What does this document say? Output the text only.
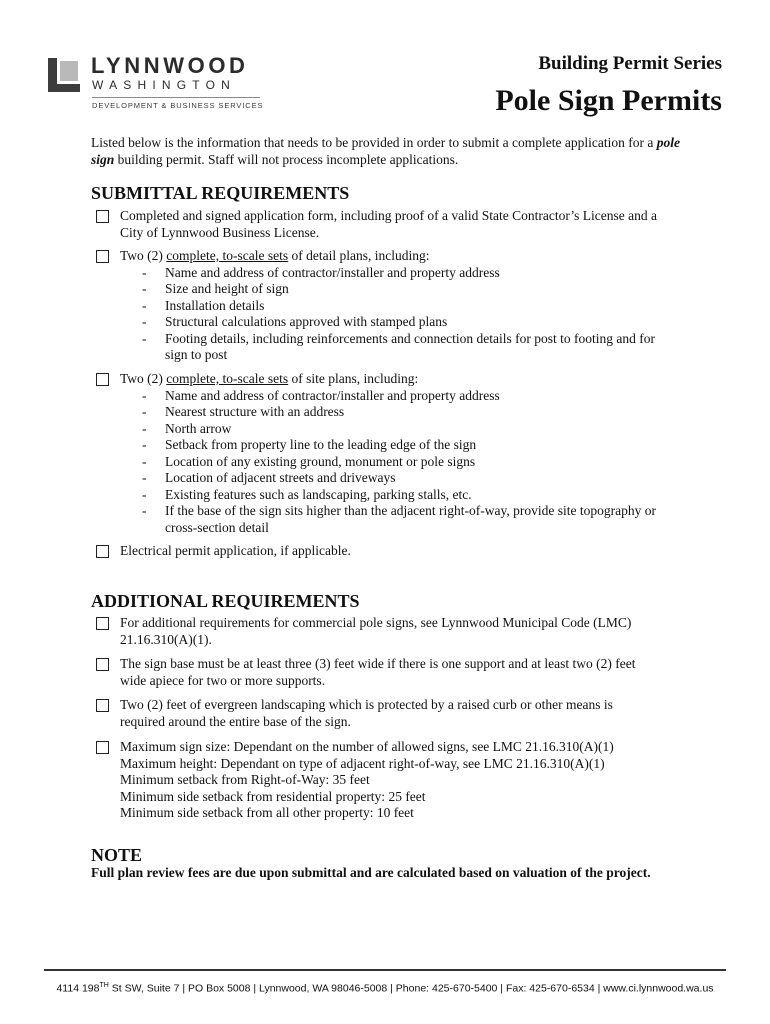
LYNNWOOD
WASHINGTON
DEVELOPMENT & BUSINESS SERVICES
Building Permit Series
Pole Sign Permits

Listed below is the information that needs to be provided in order to submit a complete application for a pole sign building permit. Staff will not process incomplete applications.

SUBMITTAL REQUIREMENTS
Completed and signed application form, including proof of a valid State Contractor’s License and a
City of Lynnwood Business License.
Two (2) complete, to-scale sets of detail plans, including:
- Name and address of contractor/installer and property address
- Size and height of sign
- Installation details
- Structural calculations approved with stamped plans
- Footing details, including reinforcements and connection details for post to footing and for
sign to post
Two (2) complete, to-scale sets of site plans, including:
- Name and address of contractor/installer and property address
- Nearest structure with an address
- North arrow
- Setback from property line to the leading edge of the sign
- Location of any existing ground, monument or pole signs
- Location of adjacent streets and driveways
- Existing features such as landscaping, parking stalls, etc.
- If the base of the sign sits higher than the adjacent right-of-way, provide site topography or
cross-section detail
Electrical permit application, if applicable.
ADDITIONAL REQUIREMENTS
For additional requirements for commercial pole signs, see Lynnwood Municipal Code (LMC)
21.16.310(A)(1).
The sign base must be at least three (3) feet wide if there is one support and at least two (2) feet
wide apiece for two or more supports.
Two (2) feet of evergreen landscaping which is protected by a raised curb or other means is
required around the entire base of the sign.
Maximum sign size: Dependant on the number of allowed signs, see LMC 21.16.310(A)(1)
Maximum height: Dependant on type of adjacent right-of-way, see LMC 21.16.310(A)(1)
Minimum setback from Right-of-Way: 35 feet
Minimum side setback from residential property: 25 feet
Minimum side setback from all other property: 10 feet
NOTE
Full plan review fees are due upon submittal and are calculated based on valuation of the project.
4114 198TH St SW, Suite 7 | PO Box 5008 | Lynnwood, WA 98046-5008 | Phone: 425-670-5400 | Fax: 425-670-6534 | www.ci.lynnwood.wa.us
